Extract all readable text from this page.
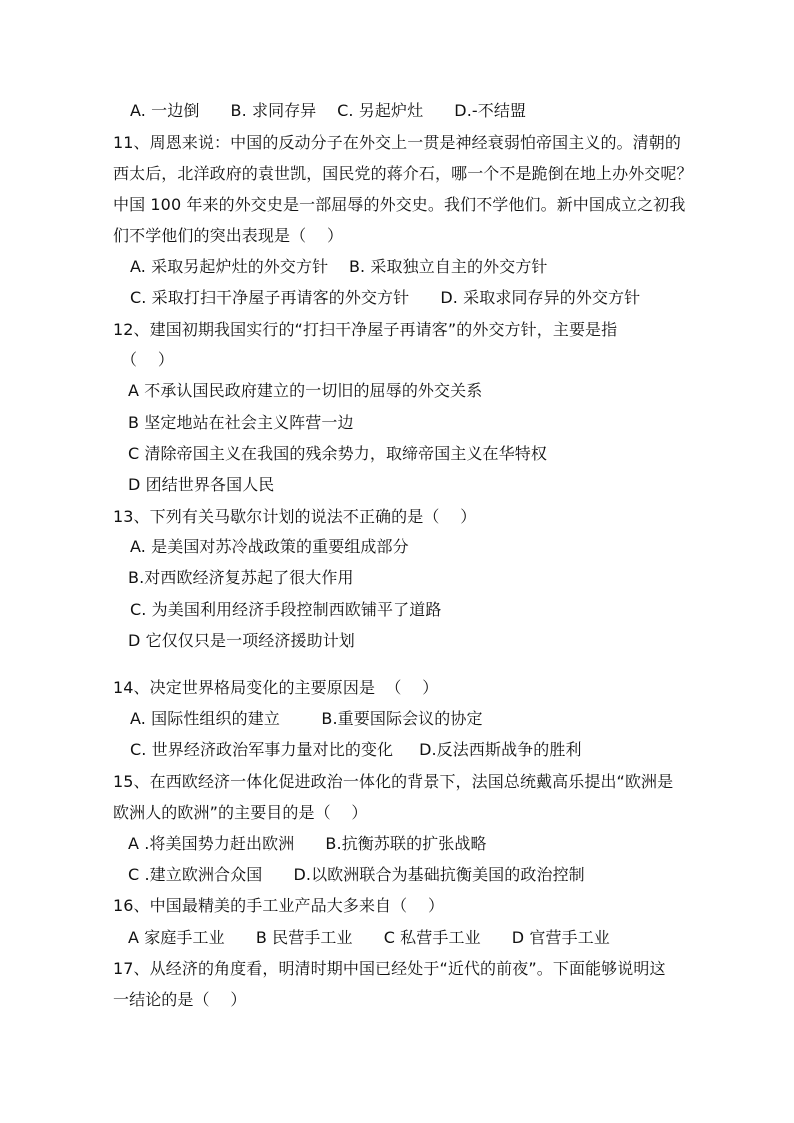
A. 一边倒      B. 求同存异    C. 另起炉灶      D.-不结盟
11、周恩来说：中国的反动分子在外交上一贯是神经衰弱怕帝国主义的。清朝的
西太后，北洋政府的袁世凯，国民党的蒋介石，哪一个不是跪倒在地上办外交呢？
中国 100 年来的外交史是一部屈辱的外交史。我们不学他们。新中国成立之初我
们不学他们的突出表现是（    ）
A. 采取另起炉灶的外交方针    B. 采取独立自主的外交方针
C. 采取打扫干净屋子再请客的外交方针      D. 采取求同存异的外交方针
12、建国初期我国实行的“打扫干净屋子再请客”的外交方针，主要是指
（    ）
A 不承认国民政府建立的一切旧的屈辱的外交关系
B 坚定地站在社会主义阵营一边
C 清除帝国主义在我国的残余势力，取缔帝国主义在华特权
D 团结世界各国人民
13、下列有关马歇尔计划的说法不正确的是（    ）
A. 是美国对苏冷战政策的重要组成部分
B.对西欧经济复苏起了很大作用
C. 为美国利用经济手段控制西欧铺平了道路
D 它仅仅只是一项经济援助计划
14、决定世界格局变化的主要原因是  （    ）
A. 国际性组织的建立        B.重要国际会议的协定
C. 世界经济政治军事力量对比的变化     D.反法西斯战争的胜利
15、在西欧经济一体化促进政治一体化的背景下，法国总统戴高乐提出“欧洲是
欧洲人的欧洲”的主要目的是（    ）
A .将美国势力赶出欧洲      B.抗衡苏联的扩张战略
C .建立欧洲合众国      D.以欧洲联合为基础抗衡美国的政治控制
16、中国最精美的手工业产品大多来自（    ）
A 家庭手工业      B 民营手工业      C 私营手工业      D 官营手工业
17、从经济的角度看，明清时期中国已经处于“近代的前夜”。下面能够说明这
一结论的是（    ）
